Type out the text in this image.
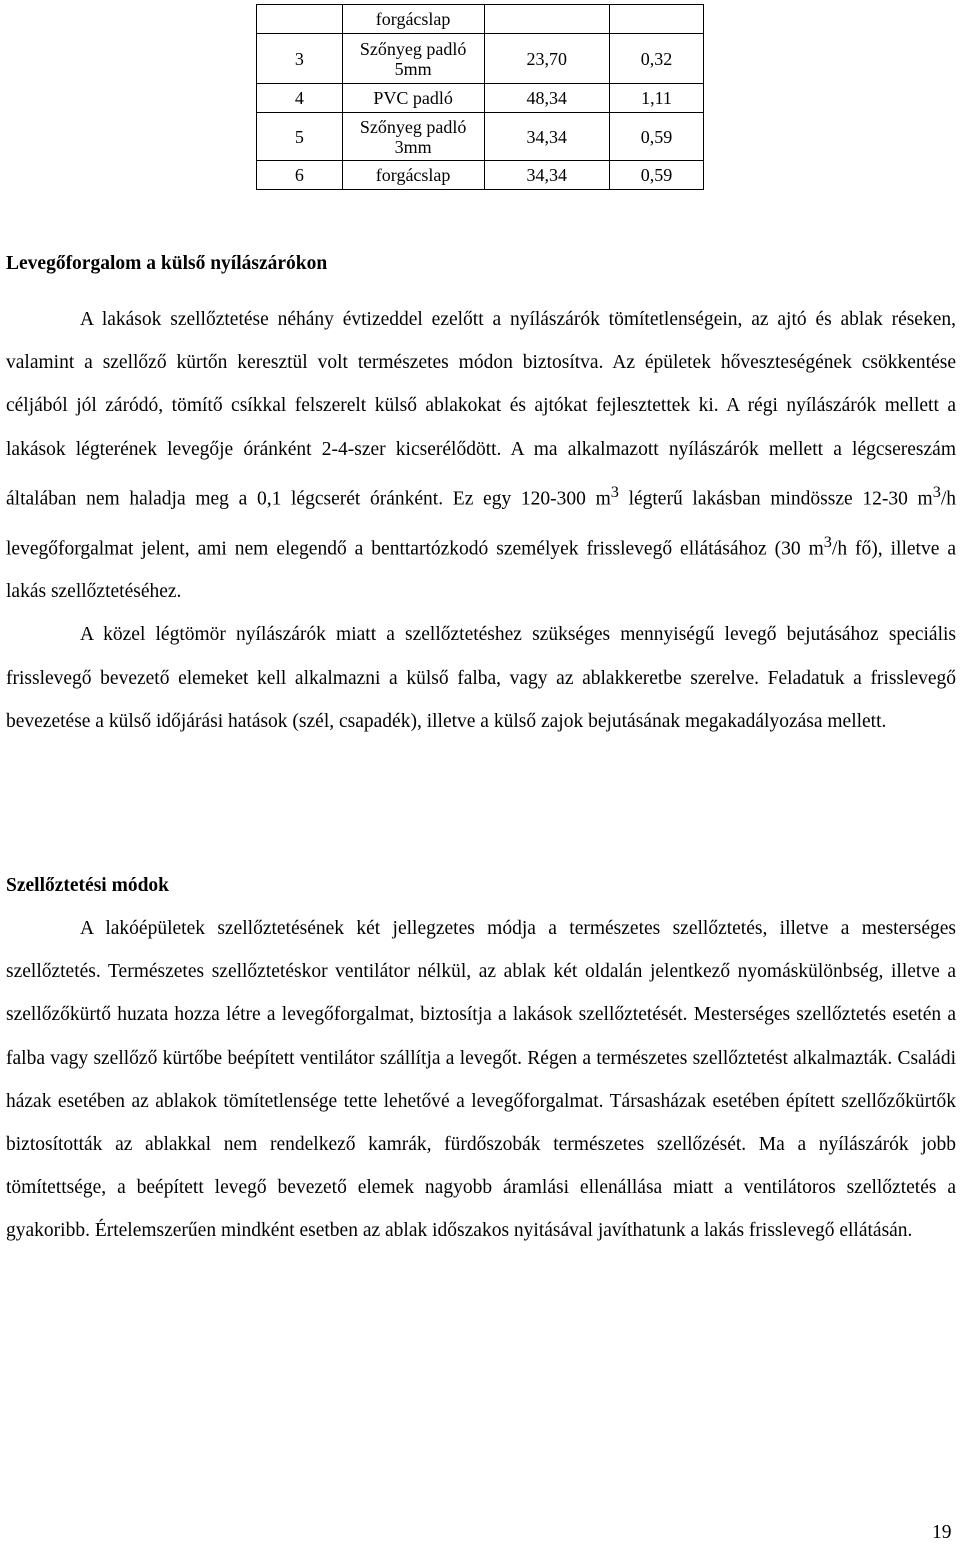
	forgácslap		
3	Szőnyeg padló 5mm	23,70	0,32
4	PVC padló	48,34	1,11
5	Szőnyeg padló 3mm	34,34	0,59
6	forgácslap	34,34	0,59
Levegőforgalom a külső nyílászárókon

A lakások szellőztetése néhány évtizeddel ezelőtt a nyílászárók tömítetlenségein, az ajtó és ablak réseken, valamint a szellőző kürtőn keresztül volt természetes módon biztosítva. Az épületek hőveszteségének csökkentése céljából jól záródó, tömítő csíkkal felszerelt külső ablakokat és ajtókat fejlesztettek ki. A régi nyílászárók mellett a lakások légterének levegője óránként 2-4-szer kicserélődött. A ma alkalmazott nyílászárók mellett a légcsereszám általában nem haladja meg a 0,1 légcserét óránként. Ez egy 120-300 $m^3$ légterű lakásban mindössze 12-30 $m^3/h$ levegőforgalmat jelent, ami nem elegendő a benttartózkodó személyek frisslevegő ellátásához (30 $m^3/h$ fő), illetve a lakás szellőztetéséhez.

A közel légtömör nyílászárók miatt a szellőztetéshez szükséges mennyiségű levegő bejutásához speciális frisslevegő bevezető elemeket kell alkalmazni a külső falba, vagy az ablakkeretbe szerelve. Feladatuk a frisslevegő bevezetése a külső időjárási hatások (szél, csapadék), illetve a külső zajok bejutásának megakadályozása mellett.

Szellőztetési módok

A lakóépületek szellőztetésének két jellegzetes módja a természetes szellőztetés, illetve a mesterséges szellőztetés. Természetes szellőztetéskor ventilátor nélkül, az ablak két oldalán jelentkező nyomáskülönbség, illetve a szellőzőkürtő huzata hozza létre a levegőforgalmat, biztosítja a lakások szellőztetését. Mesterséges szellőztetés esetén a falba vagy szellőző kürtőbe beépített ventilátor szállítja a levegőt. Régen a természetes szellőztetést alkalmazták. Családi házak esetében az ablakok tömítetlensége tette lehetővé a levegőforgalmat. Társasházak esetében épített szellőzőkürtők biztosították az ablakkal nem rendelkező kamrák, fürdőszobák természetes szellőzését. Ma a nyílászárók jobb tömítettsége, a beépített levegő bevezető elemek nagyobb áramlási ellenállása miatt a ventilátoros szellőztetés a gyakoribb. Értelemszerűen mindként esetben az ablak időszakos nyitásával javíthatunk a lakás frisslevegő ellátásán.

19
